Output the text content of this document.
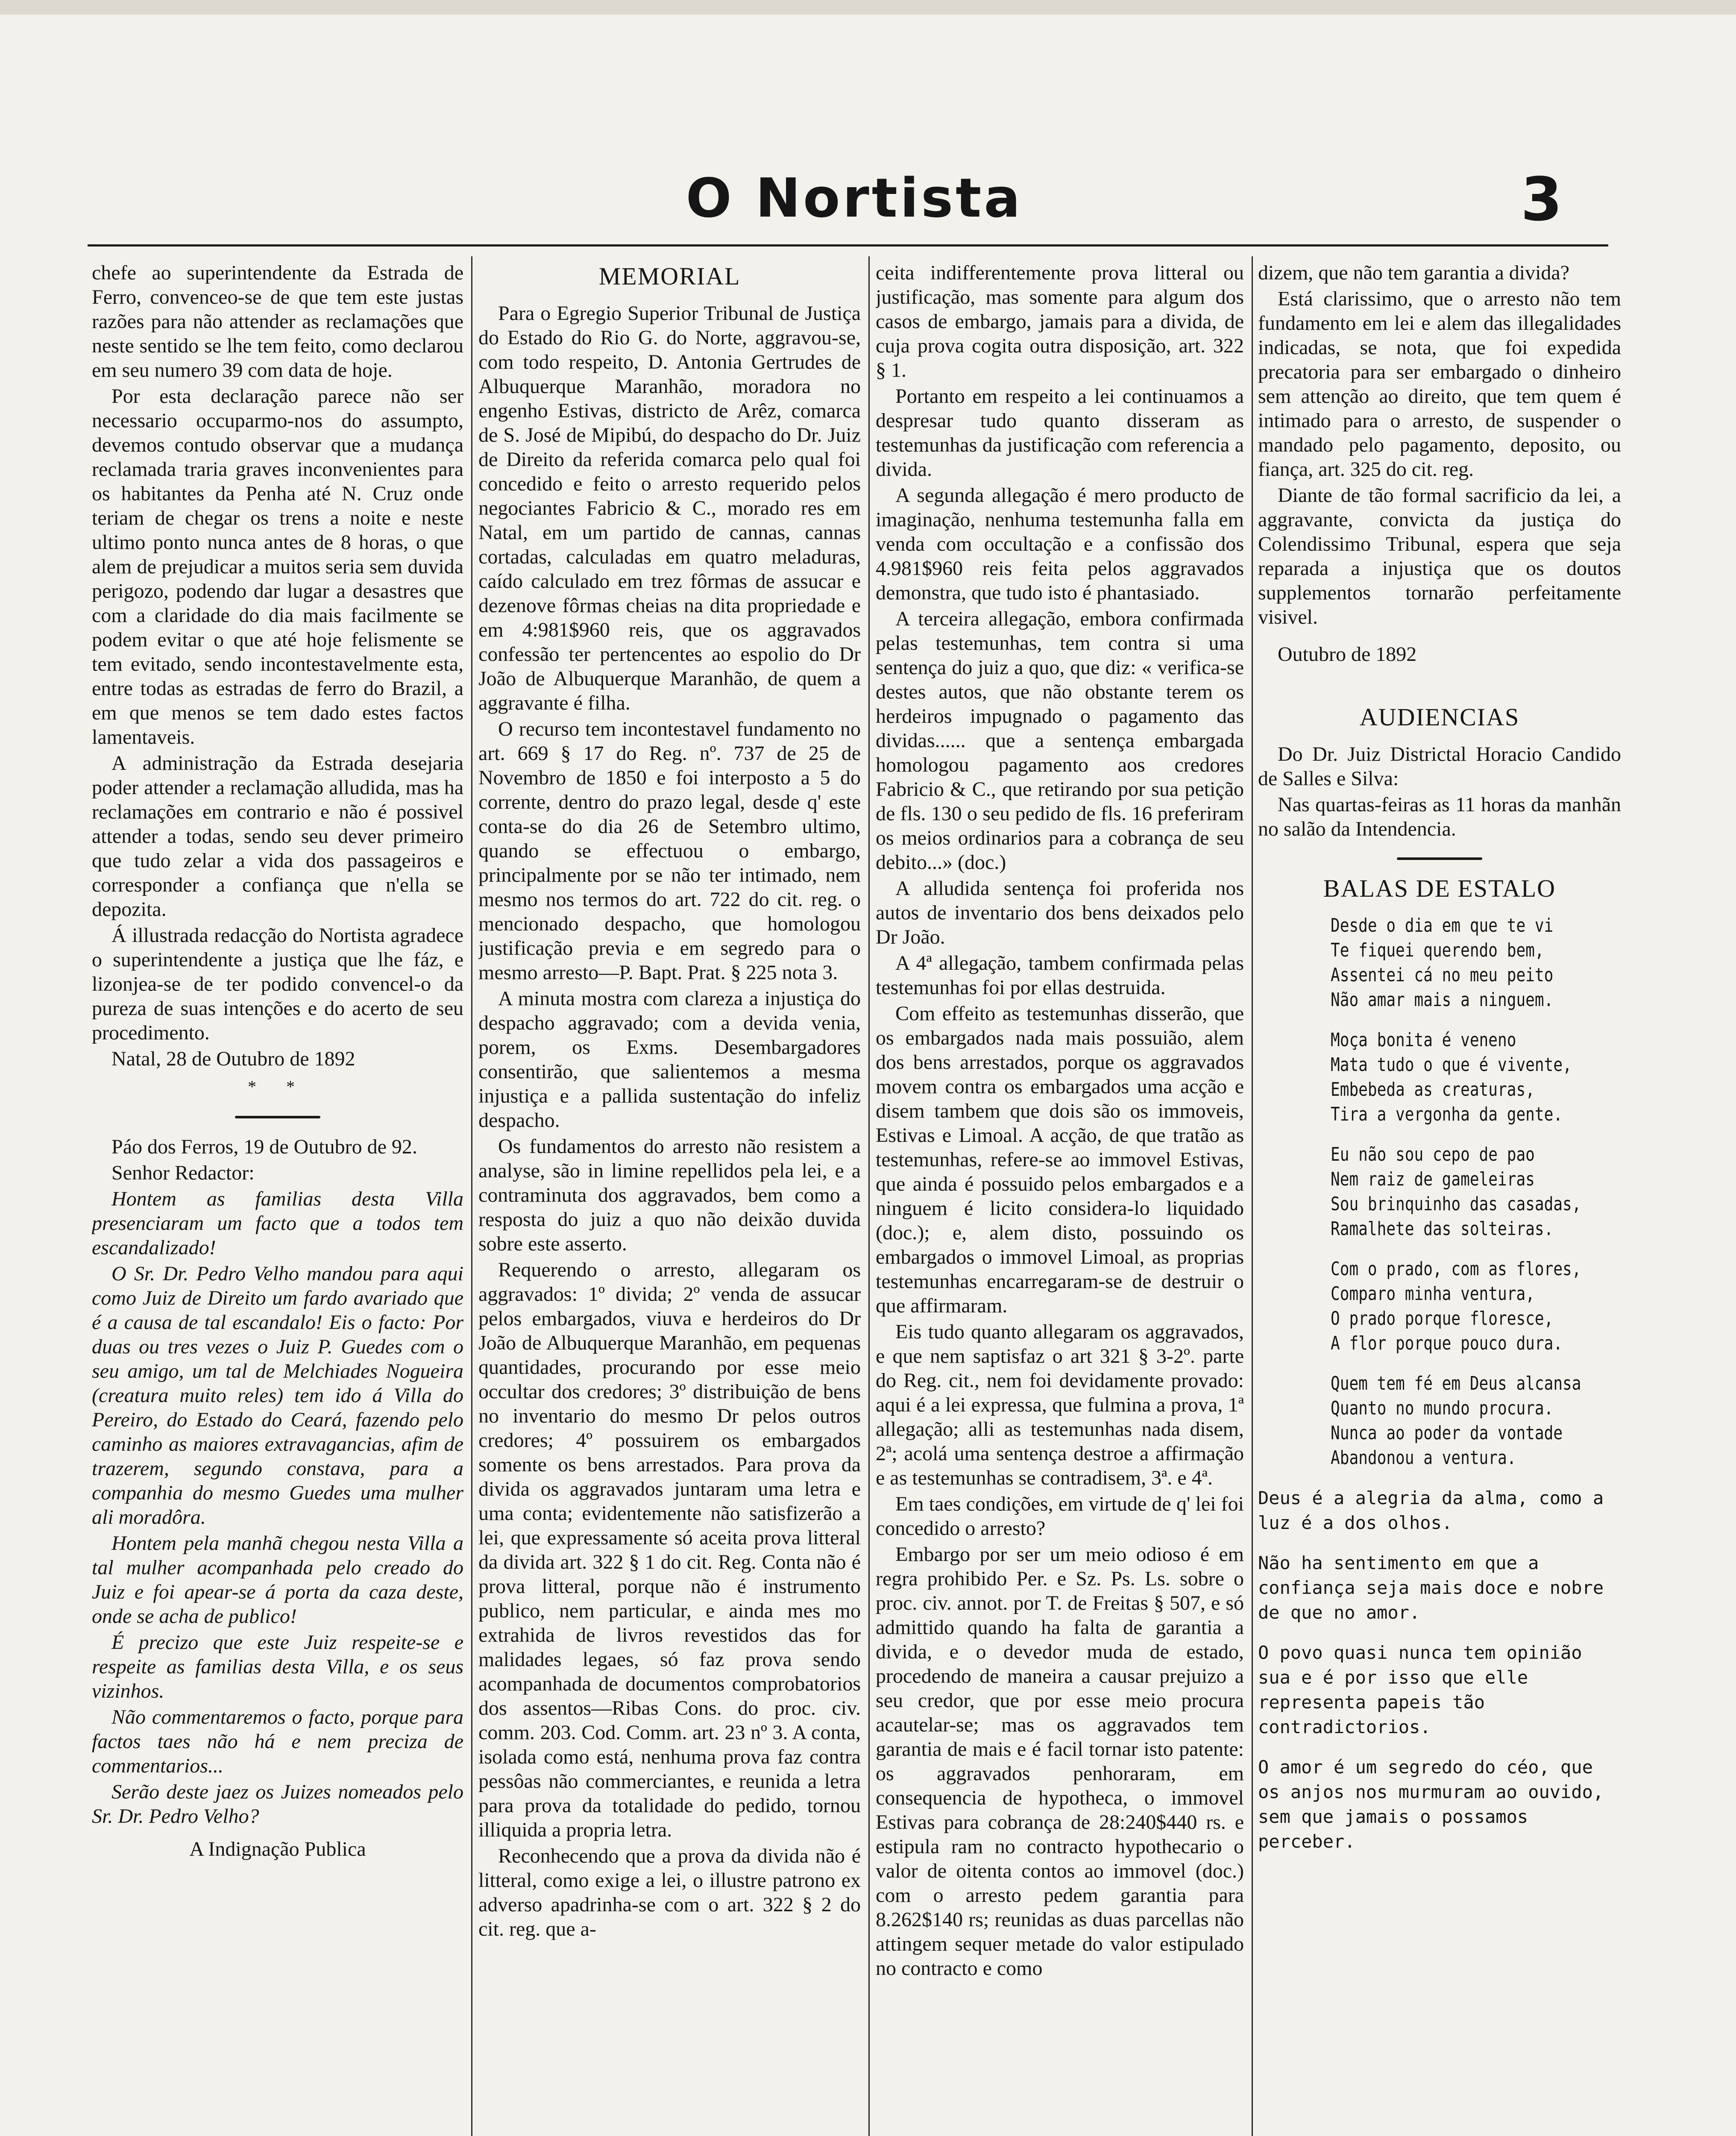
O Nortista	3

chefe ao superintendente da Estrada de Ferro, convenceo-se de que tem este justas razões para não attender as reclamações que neste sentido se lhe tem feito, como declarou em seu numero 39 com data de hoje.

Por esta declaração parece não ser necessario occuparmo-nos do assumpto, devemos contudo observar que a mudança reclamada traria graves inconvenientes para os habitantes da Penha até N. Cruz onde teriam de chegar os trens a noite e neste ultimo ponto nunca antes de 8 horas, o que alem de prejudicar a muitos seria sem duvida perigozo, podendo dar lugar a desastres que com a claridade do dia mais facilmente se podem evitar o que até hoje felismente se tem evitado, sendo incontestavelmente esta, entre todas as estradas de ferro do Brazil, a em que menos se tem dado estes factos lamentaveis.

A administração da Estrada desejaria poder attender a reclamação alludida, mas ha reclamações em contrario e não é possivel attender a todas, sendo seu dever primeiro que tudo zelar a vida dos passageiros e corresponder a confiança que n'ella se depozita.

Á illustrada redacção do Nortista agradece o superintendente a justiça que lhe fáz, e lizonjea-se de ter podido convencel-o da pureza de suas intenções e do acerto de seu procedimento.

Natal, 28 de Outubro de 1892

* *

Páo dos Ferros, 19 de Outubro de 92.

Senhor Redactor:

Hontem as familias desta Villa presenciaram um facto que a todos tem escandalizado!

O Sr. Dr. Pedro Velho mandou para aqui como Juiz de Direito um fardo avariado que é a causa de tal escandalo! Eis o facto: Por duas ou tres vezes o Juiz P. Guedes com o seu amigo, um tal de Melchiades Nogueira (creatura muito reles) tem ido á Villa do Pereiro, do Estado do Ceará, fazendo pelo caminho as maiores extravagancias, afim de trazerem, segundo constava, para a companhia do mesmo Guedes uma mulher ali moradôra.

Hontem pela manhã chegou nesta Villa a tal mulher acompanhada pelo creado do Juiz e foi apear-se á porta da caza deste, onde se acha de publico!

É precizo que este Juiz respeite-se e respeite as familias desta Villa, e os seus vizinhos.

Não commentaremos o facto, porque para factos taes não há e nem preciza de commentarios...

Serão deste jaez os Juizes nomeados pelo Sr. Dr. Pedro Velho?

A Indignação Publica

MEMORIAL

Para o Egregio Superior Tribunal de Justiça do Estado do Rio G. do Norte, aggravou-se, com todo respeito, D. Antonia Gertrudes de Albuquerque Maranhão, moradora no engenho Estivas, districto de Arêz, comarca de S. José de Mipibú, do despacho do Dr. Juiz de Direito da referida comarca pelo qual foi concedido e feito o arresto requerido pelos negociantes Fabricio & C., morado res em Natal, em um partido de cannas, cannas cortadas, calculadas em quatro meladuras, caído calculado em trez fôrmas de assucar e dezenove fôrmas cheias na dita propriedade e em 4:981$960 reis, que os aggravados confessão ter pertencentes ao espolio do Dr João de Albuquerque Maranhão, de quem a aggravante é filha.

O recurso tem incontestavel fundamento no art. 669 § 17 do Reg. nº. 737 de 25 de Novembro de 1850 e foi interposto a 5 do corrente, dentro do prazo legal, desde q' este conta-se do dia 26 de Setembro ultimo, quando se effectuou o embargo, principalmente por se não ter intimado, nem mesmo nos termos do art. 722 do cit. reg. o mencionado despacho, que homologou justificação previa e em segredo para o mesmo arresto—P. Bapt. Prat. § 225 nota 3.

A minuta mostra com clareza a injustiça do despacho aggravado; com a devida venia, porem, os Exms. Desembargadores consentirão, que salientemos a mesma injustiça e a pallida sustentação do infeliz despacho.

Os fundamentos do arresto não resistem a analyse, são in limine repellidos pela lei, e a contraminuta dos aggravados, bem como a resposta do juiz a quo não deixão duvida sobre este asserto.

Requerendo o arresto, allegaram os aggravados: 1º divida; 2º venda de assucar pelos embargados, viuva e herdeiros do Dr João de Albuquerque Maranhão, em pequenas quantidades, procurando por esse meio occultar dos credores; 3º distribuição de bens no inventario do mesmo Dr pelos outros credores; 4º possuirem os embargados somente os bens arrestados. Para prova da divida os aggravados juntaram uma letra e uma conta; evidentemente não satisfizerão a lei, que expressamente só aceita prova litteral da divida art. 322 § 1 do cit. Reg. Conta não é prova litteral, porque não é instrumento publico, nem particular, e ainda mes mo extrahida de livros revestidos das for malidades legaes, só faz prova sendo acompanhada de documentos comprobatorios dos assentos—Ribas Cons. do proc. civ. comm. 203. Cod. Comm. art. 23 nº 3. A conta, isolada como está, nenhuma prova faz contra pessôas não commerciantes, e reunida a letra para prova da totalidade do pedido, tornou illiquida a propria letra.

Reconhecendo que a prova da divida não é litteral, como exige a lei, o illustre patrono ex adverso apadrinha-se com o art. 322 § 2 do cit. reg. que a-

ceita indifferentemente prova litteral ou justificação, mas somente para algum dos casos de embargo, jamais para a divida, de cuja prova cogita outra disposição, art. 322 § 1.

Portanto em respeito a lei continuamos a despresar tudo quanto disseram as testemunhas da justificação com referencia a divida.

A segunda allegação é mero producto de imaginação, nenhuma testemunha falla em venda com occultação e a confissão dos 4.981$960 reis feita pelos aggravados demonstra, que tudo isto é phantasiado.

A terceira allegação, embora confirmada pelas testemunhas, tem contra si uma sentença do juiz a quo, que diz: « verifica-se destes autos, que não obstante terem os herdeiros impugnado o pagamento das dividas...... que a sentença embargada homologou pagamento aos credores Fabricio & C., que retirando por sua petição de fls. 130 o seu pedido de fls. 16 preferiram os meios ordinarios para a cobrança de seu debito...» (doc.)

A alludida sentença foi proferida nos autos de inventario dos bens deixados pelo Dr João.

A 4ª allegação, tambem confirmada pelas testemunhas foi por ellas destruida.

Com effeito as testemunhas disserão, que os embargados nada mais possuião, alem dos bens arrestados, porque os aggravados movem contra os embargados uma acção e disem tambem que dois são os immoveis, Estivas e Limoal. A acção, de que tratão as testemunhas, refere-se ao immovel Estivas, que ainda é possuido pelos embargados e a ninguem é licito considera-lo liquidado (doc.); e, alem disto, possuindo os embargados o immovel Limoal, as proprias testemunhas encarregaram-se de destruir o que affirmaram.

Eis tudo quanto allegaram os aggravados, e que nem saptisfaz o art 321 § 3-2º. parte do Reg. cit., nem foi devidamente provado: aqui é a lei expressa, que fulmina a prova, 1ª allegação; alli as testemunhas nada disem, 2ª; acolá uma sentença destroe a affirmação e as testemunhas se contradisem, 3ª. e 4ª.

Em taes condições, em virtude de q' lei foi concedido o arresto?

Embargo por ser um meio odioso é em regra prohibido Per. e Sz. Ps. Ls. sobre o proc. civ. annot. por T. de Freitas § 507, e só admittido quando ha falta de garantia a divida, e o devedor muda de estado, procedendo de maneira a causar prejuizo a seu credor, que por esse meio procura acautelar-se; mas os aggravados tem garantia de mais e é facil tornar isto patente: os aggravados penhoraram, em consequencia de hypotheca, o immovel Estivas para cobrança de 28:240$440 rs. e estipula ram no contracto hypothecario o valor de oitenta contos ao immovel (doc.) com o arresto pedem garantia para 8.262$140 rs; reunidas as duas parcellas não attingem sequer metade do valor estipulado no contracto e como

dizem, que não tem garantia a divida?

Está clarissimo, que o arresto não tem fundamento em lei e alem das illegalidades indicadas, se nota, que foi expedida precatoria para ser embargado o dinheiro sem attenção ao direito, que tem quem é intimado para o arresto, de suspender o mandado pelo pagamento, deposito, ou fiança, art. 325 do cit. reg.

Diante de tão formal sacrificio da lei, a aggravante, convicta da justiça do Colendissimo Tribunal, espera que seja reparada a injustiça que os doutos supplementos tornarão perfeitamente visivel.

Outubro de 1892

AUDIENCIAS

Do Dr. Juiz Districtal Horacio Candido de Salles e Silva:

Nas quartas-feiras as 11 horas da manhãn no salão da Intendencia.

BALAS DE ESTALO
Desde o dia em que te vi
Te fiquei querendo bem,
Assentei cá no meu peito
Não amar mais a ninguem.
Moça bonita é veneno
Mata tudo o que é vivente,
Embebeda as creaturas,
Tira a vergonha da gente.
Eu não sou cepo de pao
Nem raiz de gameleiras
Sou brinquinho das casadas,
Ramalhete das solteiras.
Com o prado, com as flores,
Comparo minha ventura,
O prado porque floresce,
A flor porque pouco dura.
Quem tem fé em Deus alcansa
Quanto no mundo procura.
Nunca ao poder da vontade
Abandonou a ventura.
Deus é a alegria da alma, como a luz é a dos olhos.
Não ha sentimento em que a confiança seja mais doce e nobre de que no amor.
O povo quasi nunca tem opinião sua e é por isso que elle representa papeis tão contradictorios.
O amor é um segredo do céo, que os anjos nos murmuram ao ouvido, sem que jamais o possamos perceber.
